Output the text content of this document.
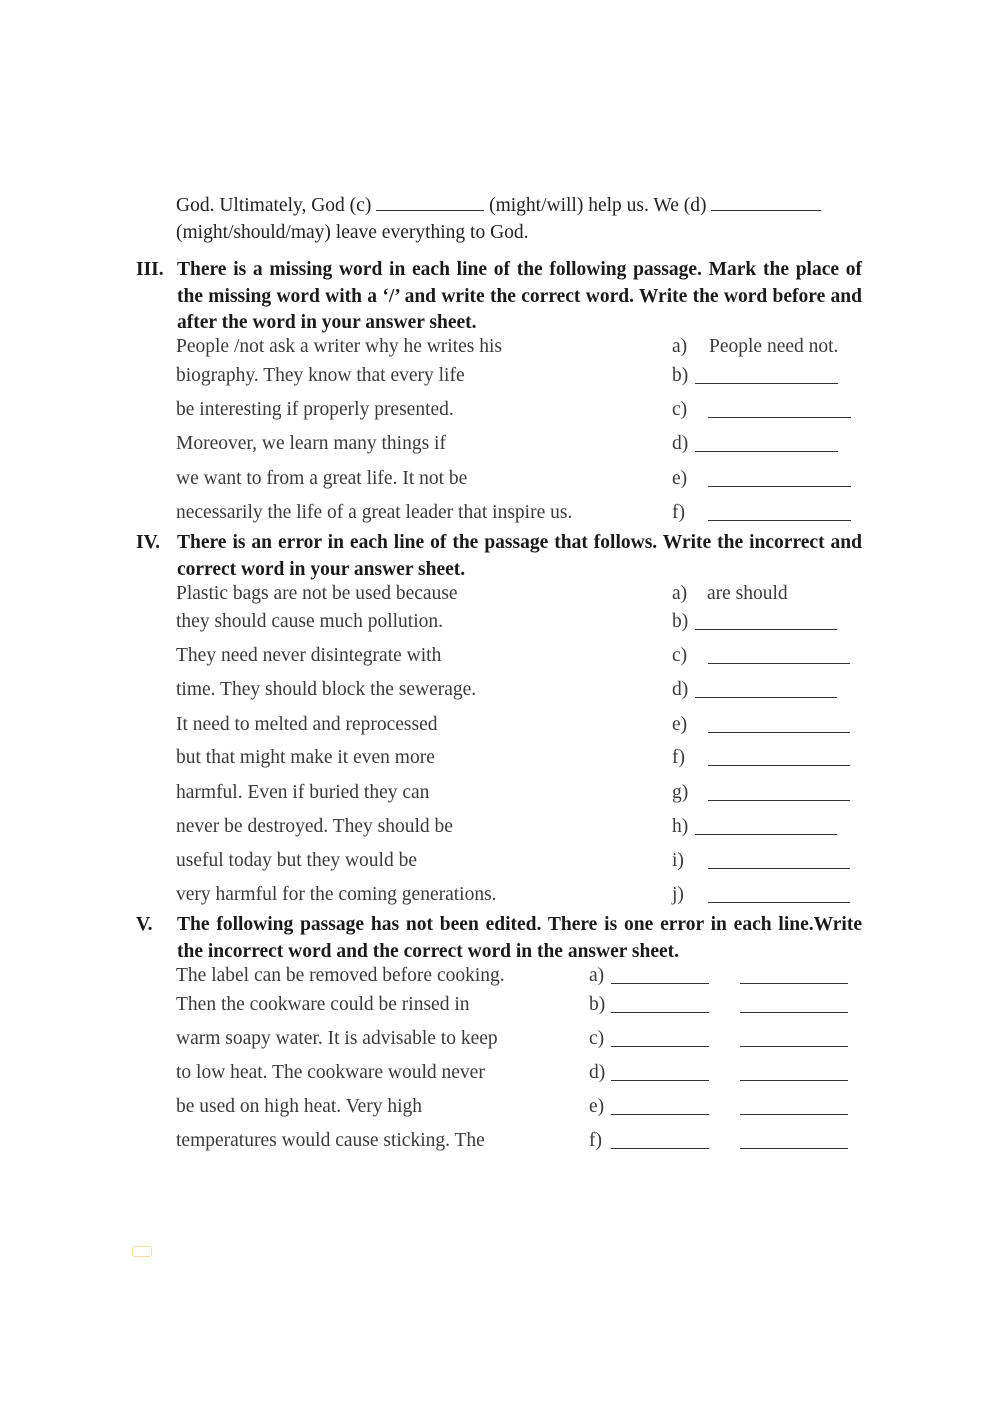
God. Ultimately, God (c)	(might/will) help us. We (d)
(might/should/may) leave everything to God.
III. There is a missing word in each line of the following passage. Mark the place of the missing word with a ‘/’ and write the correct word. Write the word before and after the word in your answer sheet.
People /not ask a writer why he writes his	a) People need not.
biography. They know that every life	b)
be interesting if properly presented.	c)
Moreover, we learn many things if	d)
we want to from a great life. It not be	e)
necessarily the life of a great leader that inspire us.	f)
IV. There is an error in each line of the passage that follows. Write the incorrect and correct word in your answer sheet.
Plastic bags are not be used because	a) are should
they should cause much pollution.	b)
They need never disintegrate with	c)
time. They should block the sewerage.	d)
It need to melted and reprocessed	e)
but that might make it even more	f)
harmful. Even if buried they can	g)
never be destroyed. They should be	h)
useful today but they would be	i)
very harmful for the coming generations.	j)
V. The following passage has not been edited. There is one error in each line.Write the incorrect word and the correct word in the answer sheet.
The label can be removed before cooking.	a)
Then the cookware could be rinsed in	b)
warm soapy water. It is advisable to keep	c)
to low heat. The cookware would never	d)
be used on high heat. Very high	e)
temperatures would cause sticking. The	f)
